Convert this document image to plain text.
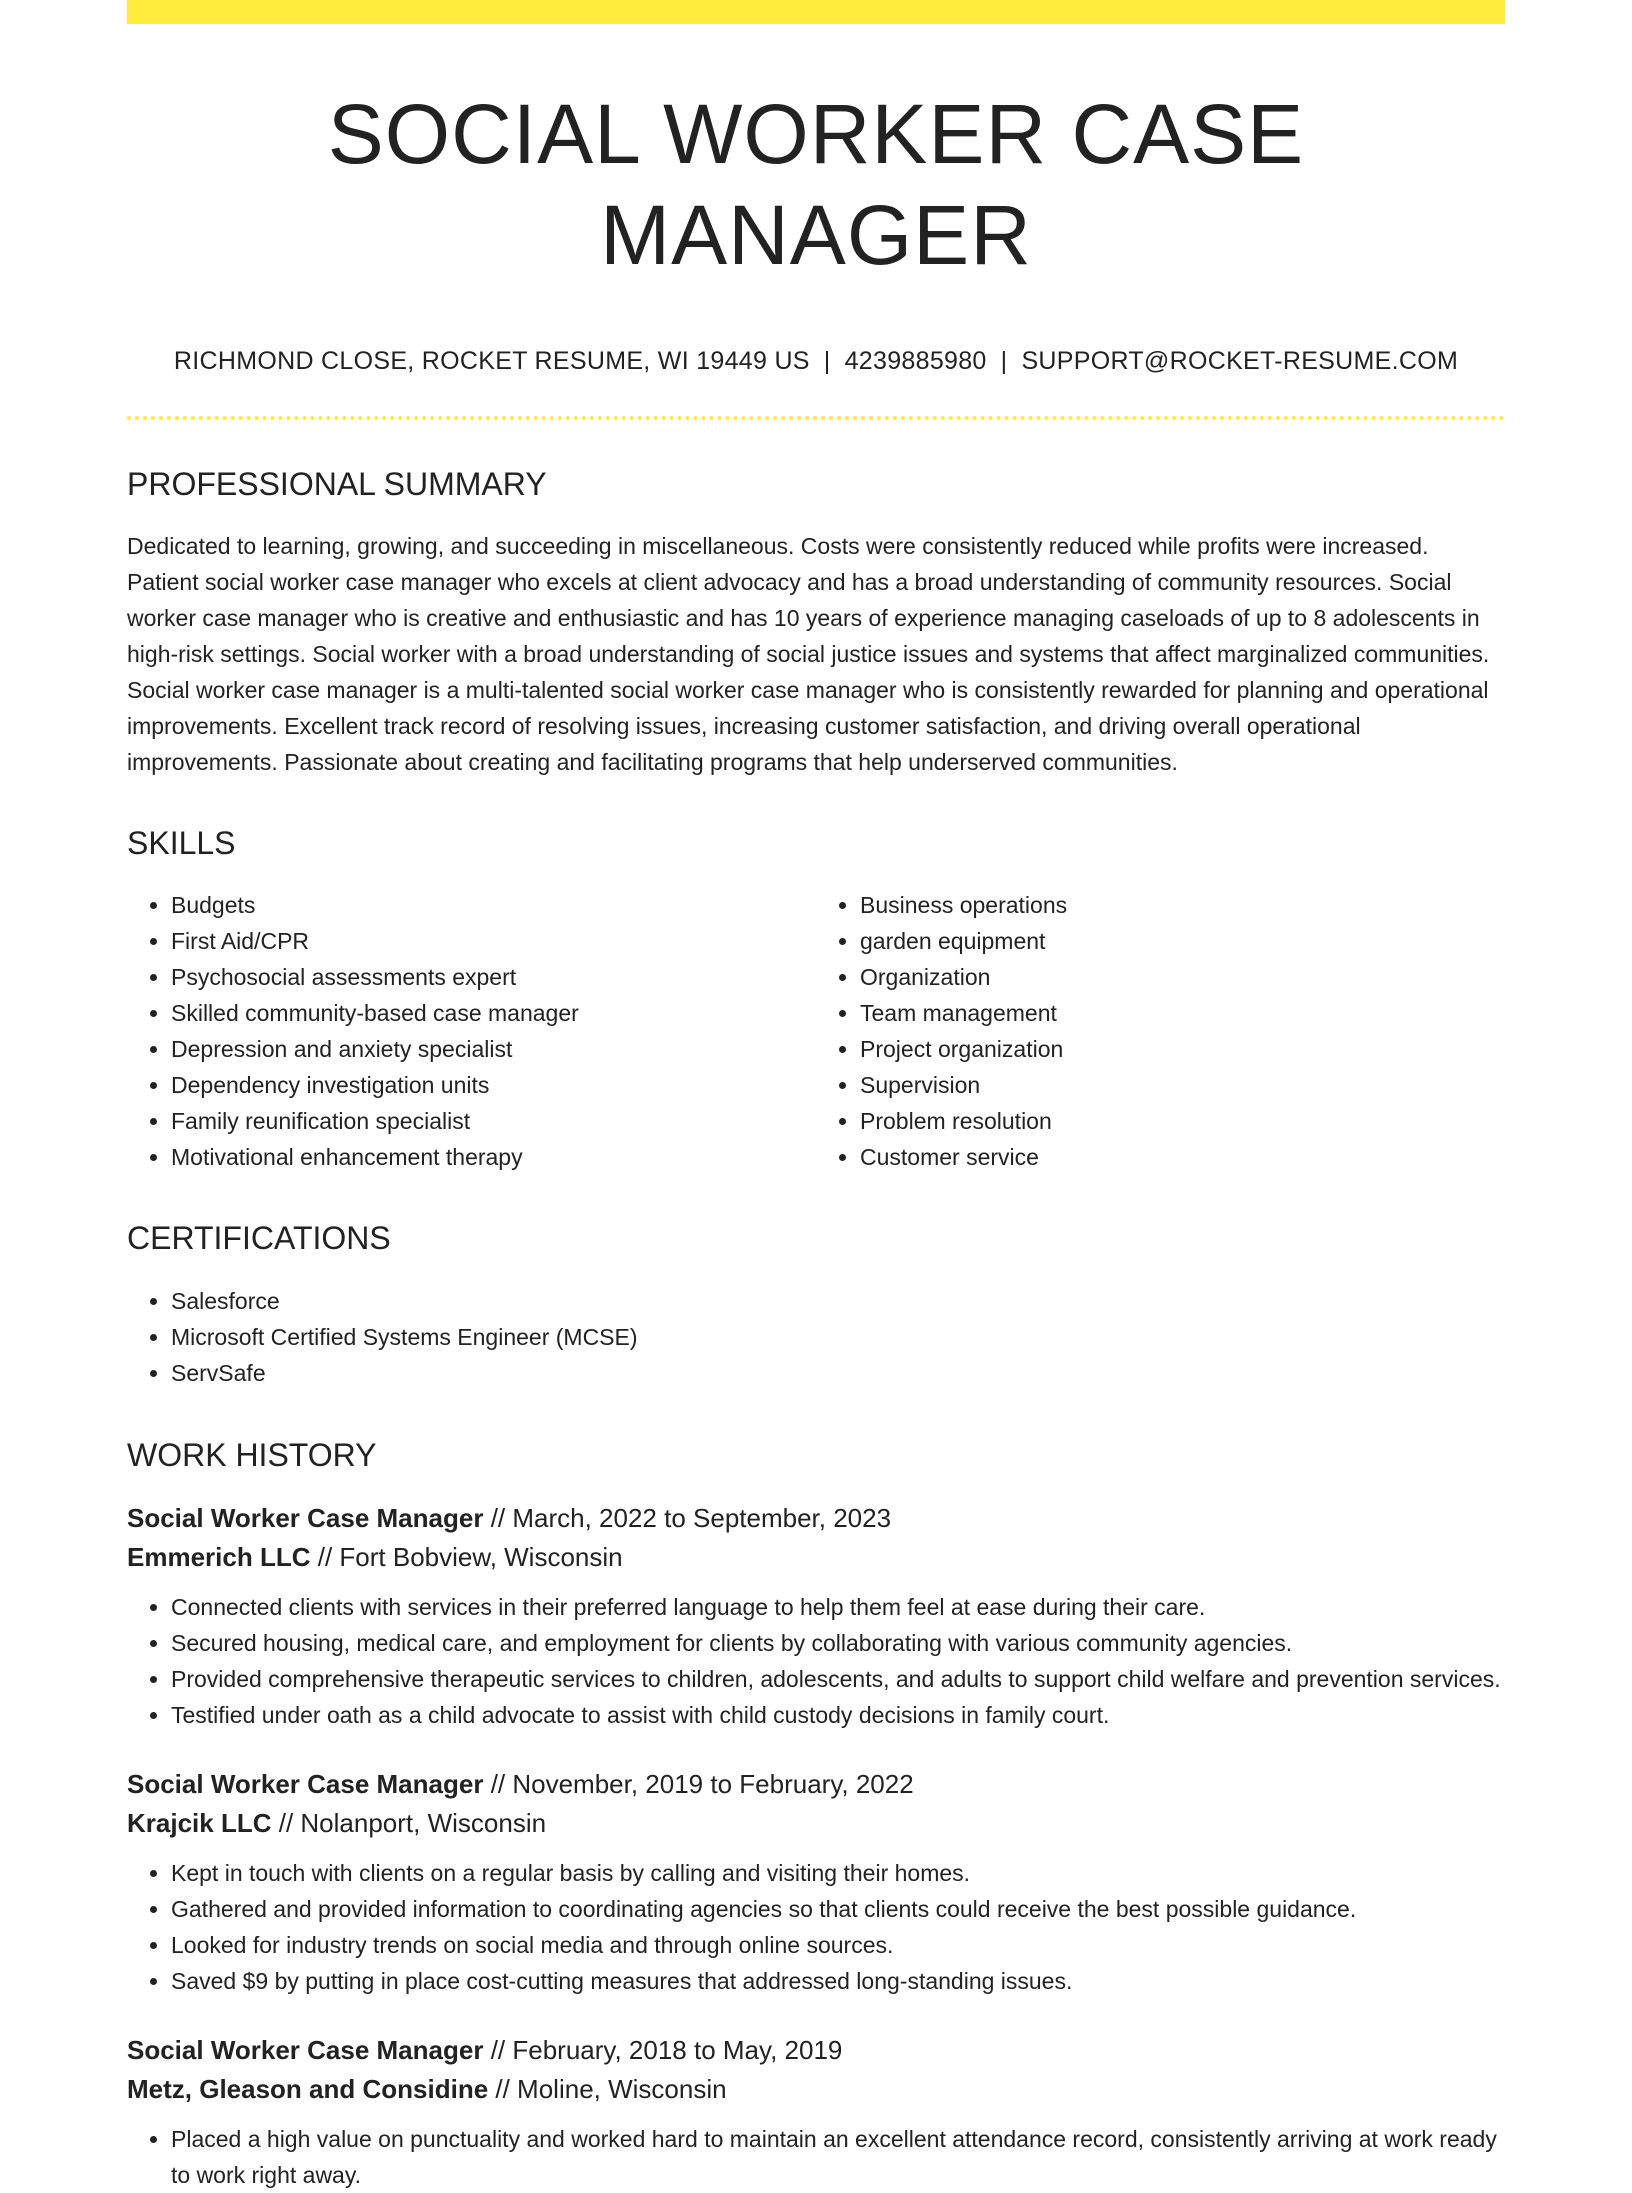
SOCIAL WORKER CASE MANAGER
RICHMOND CLOSE, ROCKET RESUME, WI 19449 US | 4239885980 | SUPPORT@ROCKET-RESUME.COM
PROFESSIONAL SUMMARY

Dedicated to learning, growing, and succeeding in miscellaneous. Costs were consistently reduced while profits were increased. Patient social worker case manager who excels at client advocacy and has a broad understanding of community resources. Social worker case manager who is creative and enthusiastic and has 10 years of experience managing caseloads of up to 8 adolescents in high-risk settings. Social worker with a broad understanding of social justice issues and systems that affect marginalized communities. Social worker case manager is a multi-talented social worker case manager who is consistently rewarded for planning and operational improvements. Excellent track record of resolving issues, increasing customer satisfaction, and driving overall operational improvements. Passionate about creating and facilitating programs that help underserved communities.

SKILLS
• Budgets
• First Aid/CPR
• Psychosocial assessments expert
• Skilled community-based case manager
• Depression and anxiety specialist
• Dependency investigation units
• Family reunification specialist
• Motivational enhancement therapy
• Business operations
• garden equipment
• Organization
• Team management
• Project organization
• Supervision
• Problem resolution
• Customer service
CERTIFICATIONS
• Salesforce
• Microsoft Certified Systems Engineer (MCSE)
• ServSafe
WORK HISTORY
Social Worker Case Manager // March, 2022 to September, 2023
Emmerich LLC // Fort Bobview, Wisconsin
• Connected clients with services in their preferred language to help them feel at ease during their care.
• Secured housing, medical care, and employment for clients by collaborating with various community agencies.
• Provided comprehensive therapeutic services to children, adolescents, and adults to support child welfare and prevention services.
• Testified under oath as a child advocate to assist with child custody decisions in family court.
Social Worker Case Manager // November, 2019 to February, 2022
Krajcik LLC // Nolanport, Wisconsin
• Kept in touch with clients on a regular basis by calling and visiting their homes.
• Gathered and provided information to coordinating agencies so that clients could receive the best possible guidance.
• Looked for industry trends on social media and through online sources.
• Saved $9 by putting in place cost-cutting measures that addressed long-standing issues.
Social Worker Case Manager // February, 2018 to May, 2019
Metz, Gleason and Considine // Moline, Wisconsin
• Placed a high value on punctuality and worked hard to maintain an excellent attendance record, consistently arriving at work ready to work right away.
